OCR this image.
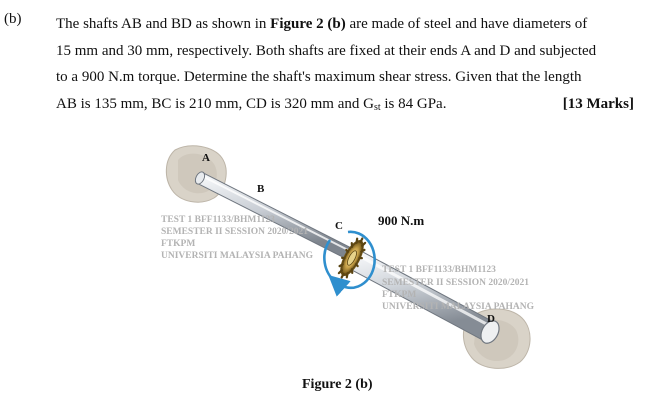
(b) The shafts AB and BD as shown in Figure 2 (b) are made of steel and have diameters of
15 mm and 30 mm, respectively. Both shafts are fixed at their ends A and D and subjected
to a 900 N.m torque. Determine the shaft's maximum shear stress. Given that the length
AB is 135 mm, BC is 210 mm, CD is 320 mm and $G_{st}$ is 84 GPa.	[13 Marks]
A
B
C
D
900 N.m
TEST 1 BFF1133/BHM1123
SEMESTER II SESSION 2020/2021
FTKPM
UNIVERSITI MALAYSIA PAHANG
TEST 1 BFF1133/BHM1123
SEMESTER II SESSION 2020/2021
FTKPM
UNIVERSITI MALAYSIA PAHANG
Figure 2 (b)
